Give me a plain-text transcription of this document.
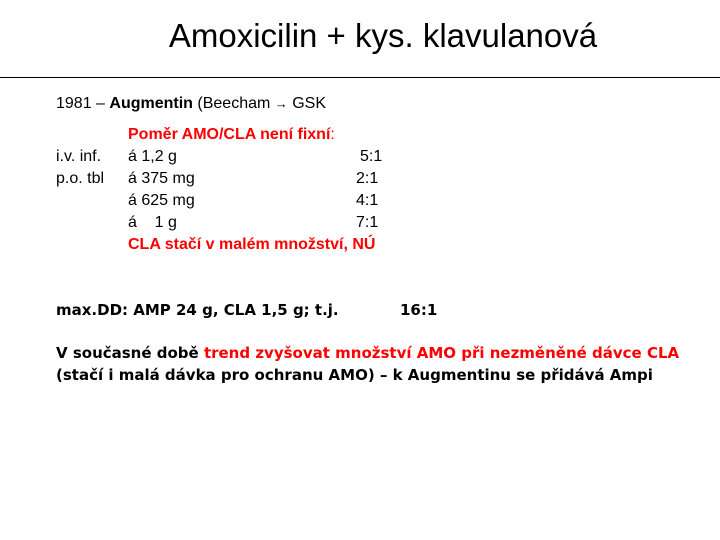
Amoxicilin + kys. klavulanová
1981 – Augmentin (Beecham → GSK
Poměr AMO/CLA není fixní:
i.v. inf. á 1,2 g	5:1
p.o. tbl á 375 mg	2:1
á 625 mg	4:1
á    1 g	7:1
CLA stačí v malém množství, NÚ
max.DD: AMP 24 g, CLA 1,5 g; t.j.	16:1
V současné době trend zvyšovat množství AMO při nezměněné dávce CLA (stačí i malá dávka pro ochranu AMO) – k Augmentinu se přidává Ampi
